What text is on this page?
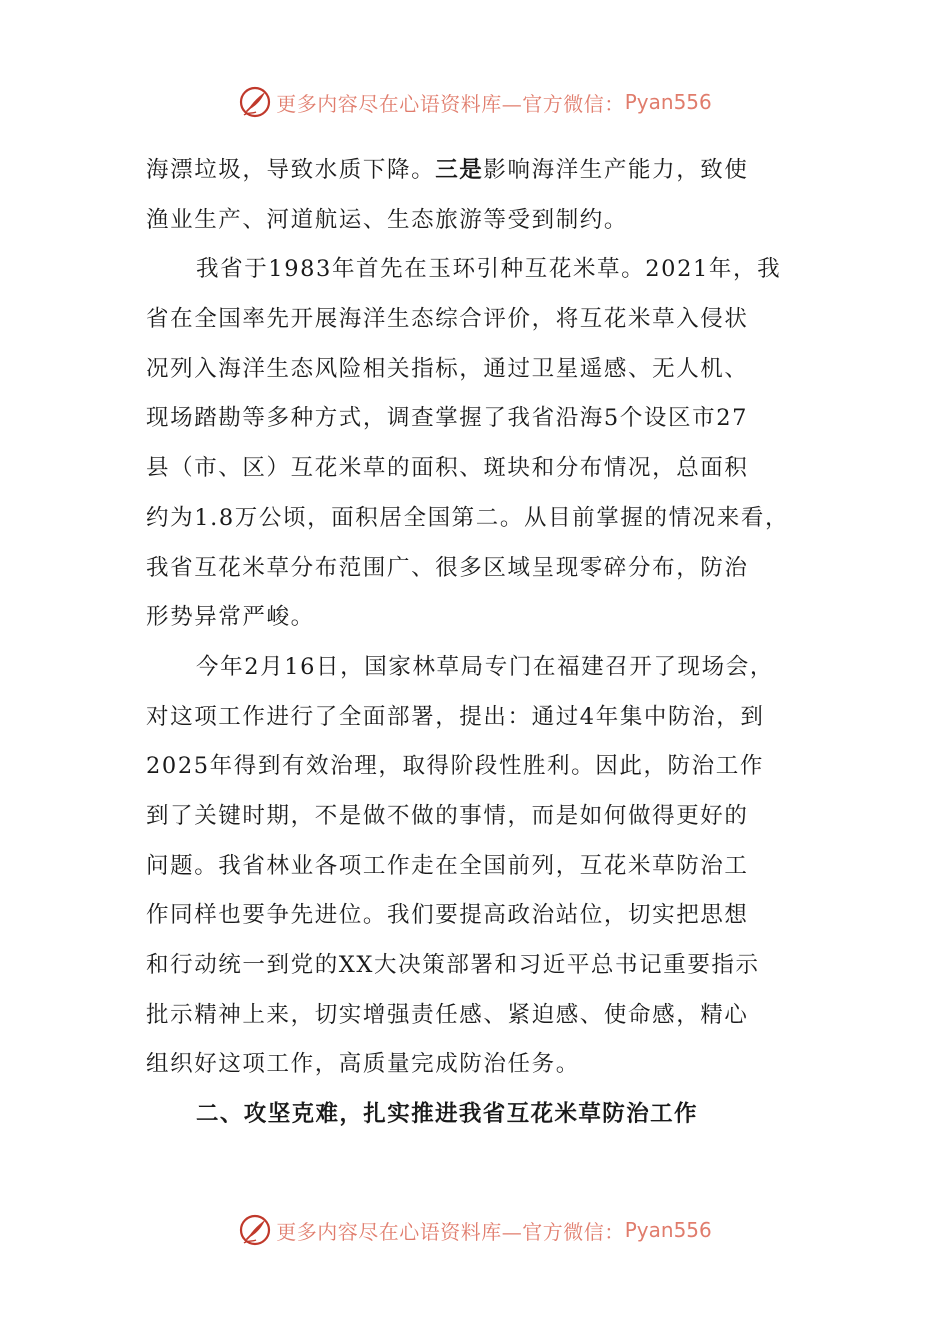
更多内容尽在心语资料库—官方微信： Pyan556
海漂垃圾，导致水质下降。三是影响海洋生产能力，致使
渔业生产、河道航运、生态旅游等受到制约。
我省于1983年首先在玉环引种互花米草。2021年，我
省在全国率先开展海洋生态综合评价，将互花米草入侵状
况列入海洋生态风险相关指标，通过卫星遥感、无人机、
现场踏勘等多种方式，调查掌握了我省沿海5个设区市27
县（市、区）互花米草的面积、斑块和分布情况，总面积
约为1.8万公顷，面积居全国第二。从目前掌握的情况来看，
我省互花米草分布范围广、很多区域呈现零碎分布，防治
形势异常严峻。
今年2月16日，国家林草局专门在福建召开了现场会，
对这项工作进行了全面部署，提出：通过4年集中防治，到
2025年得到有效治理，取得阶段性胜利。因此，防治工作
到了关键时期，不是做不做的事情，而是如何做得更好的
问题。我省林业各项工作走在全国前列，互花米草防治工
作同样也要争先进位。我们要提高政治站位，切实把思想
和行动统一到党的XX大决策部署和习近平总书记重要指示
批示精神上来，切实增强责任感、紧迫感、使命感，精心
组织好这项工作，高质量完成防治任务。
二、攻坚克难，扎实推进我省互花米草防治工作
更多内容尽在心语资料库—官方微信： Pyan556
